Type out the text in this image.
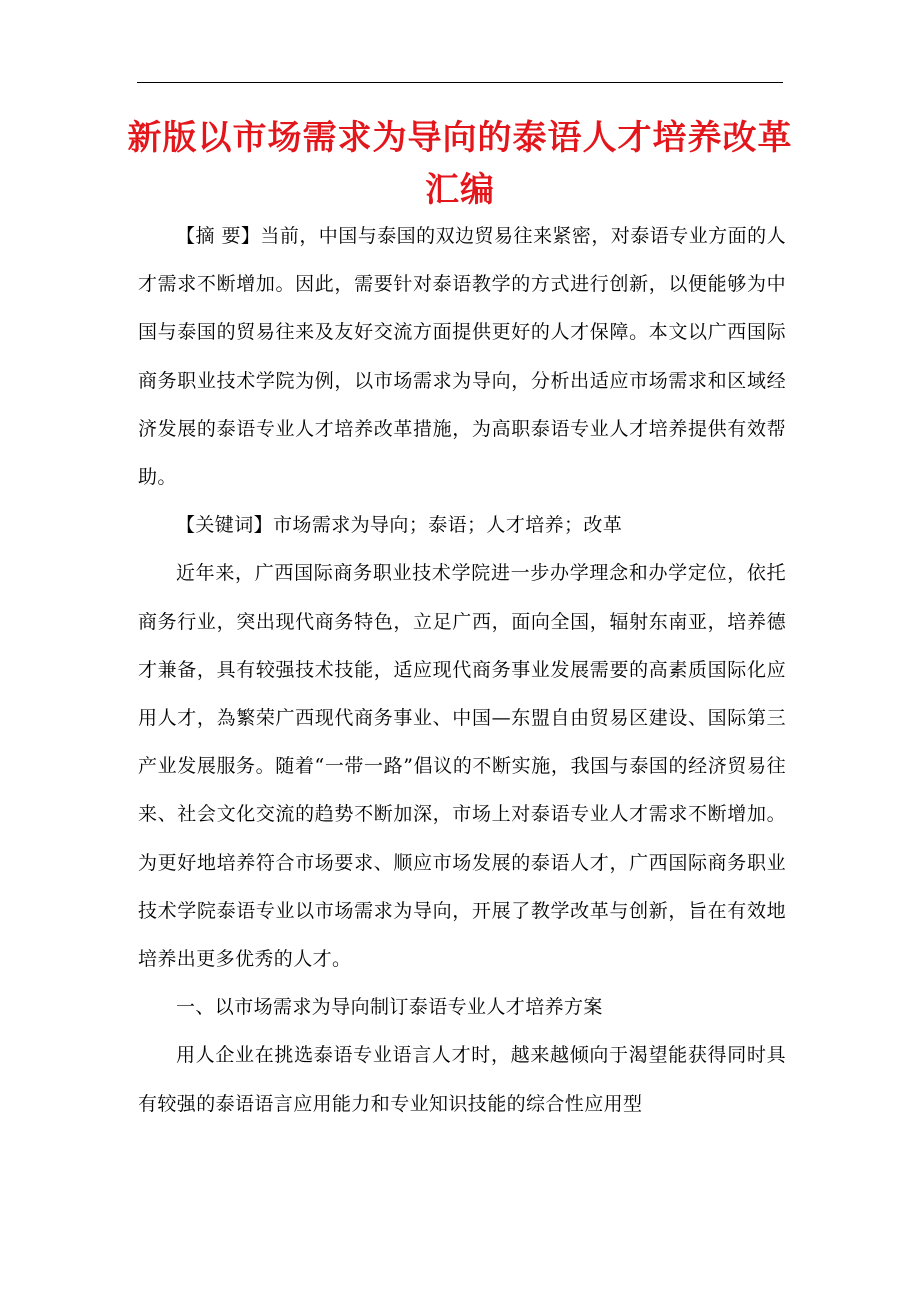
新版以市场需求为导向的泰语人才培养改革汇编

【摘 要】当前，中国与泰国的双边贸易往来紧密，对泰语专业方面的人才需求不断增加。因此，需要针对泰语教学的方式进行创新，以便能够为中国与泰国的贸易往来及友好交流方面提供更好的人才保障。本文以广西国际商务职业技术学院为例，以市场需求为导向，分析出适应市场需求和区域经济发展的泰语专业人才培养改革措施，为高职泰语专业人才培养提供有效帮助。

【关键词】市场需求为导向；泰语；人才培养；改革

近年来，广西国际商务职业技术学院进一步办学理念和办学定位，依托商务行业，突出现代商务特色，立足广西，面向全国，辐射东南亚，培养德才兼备，具有较强技术技能，适应现代商务事业发展需要的高素质国际化应用人才，為繁荣广西现代商务事业、中国—东盟自由贸易区建设、国际第三产业发展服务。随着“一带一路”倡议的不断实施，我国与泰国的经济贸易往来、社会文化交流的趋势不断加深，市场上对泰语专业人才需求不断增加。为更好地培养符合市场要求、顺应市场发展的泰语人才，广西国际商务职业技术学院泰语专业以市场需求为导向，开展了教学改革与创新，旨在有效地培养出更多优秀的人才。

一、以市场需求为导向制订泰语专业人才培养方案

用人企业在挑选泰语专业语言人才时，越来越倾向于渴望能获得同时具有较强的泰语语言应用能力和专业知识技能的综合性应用型
